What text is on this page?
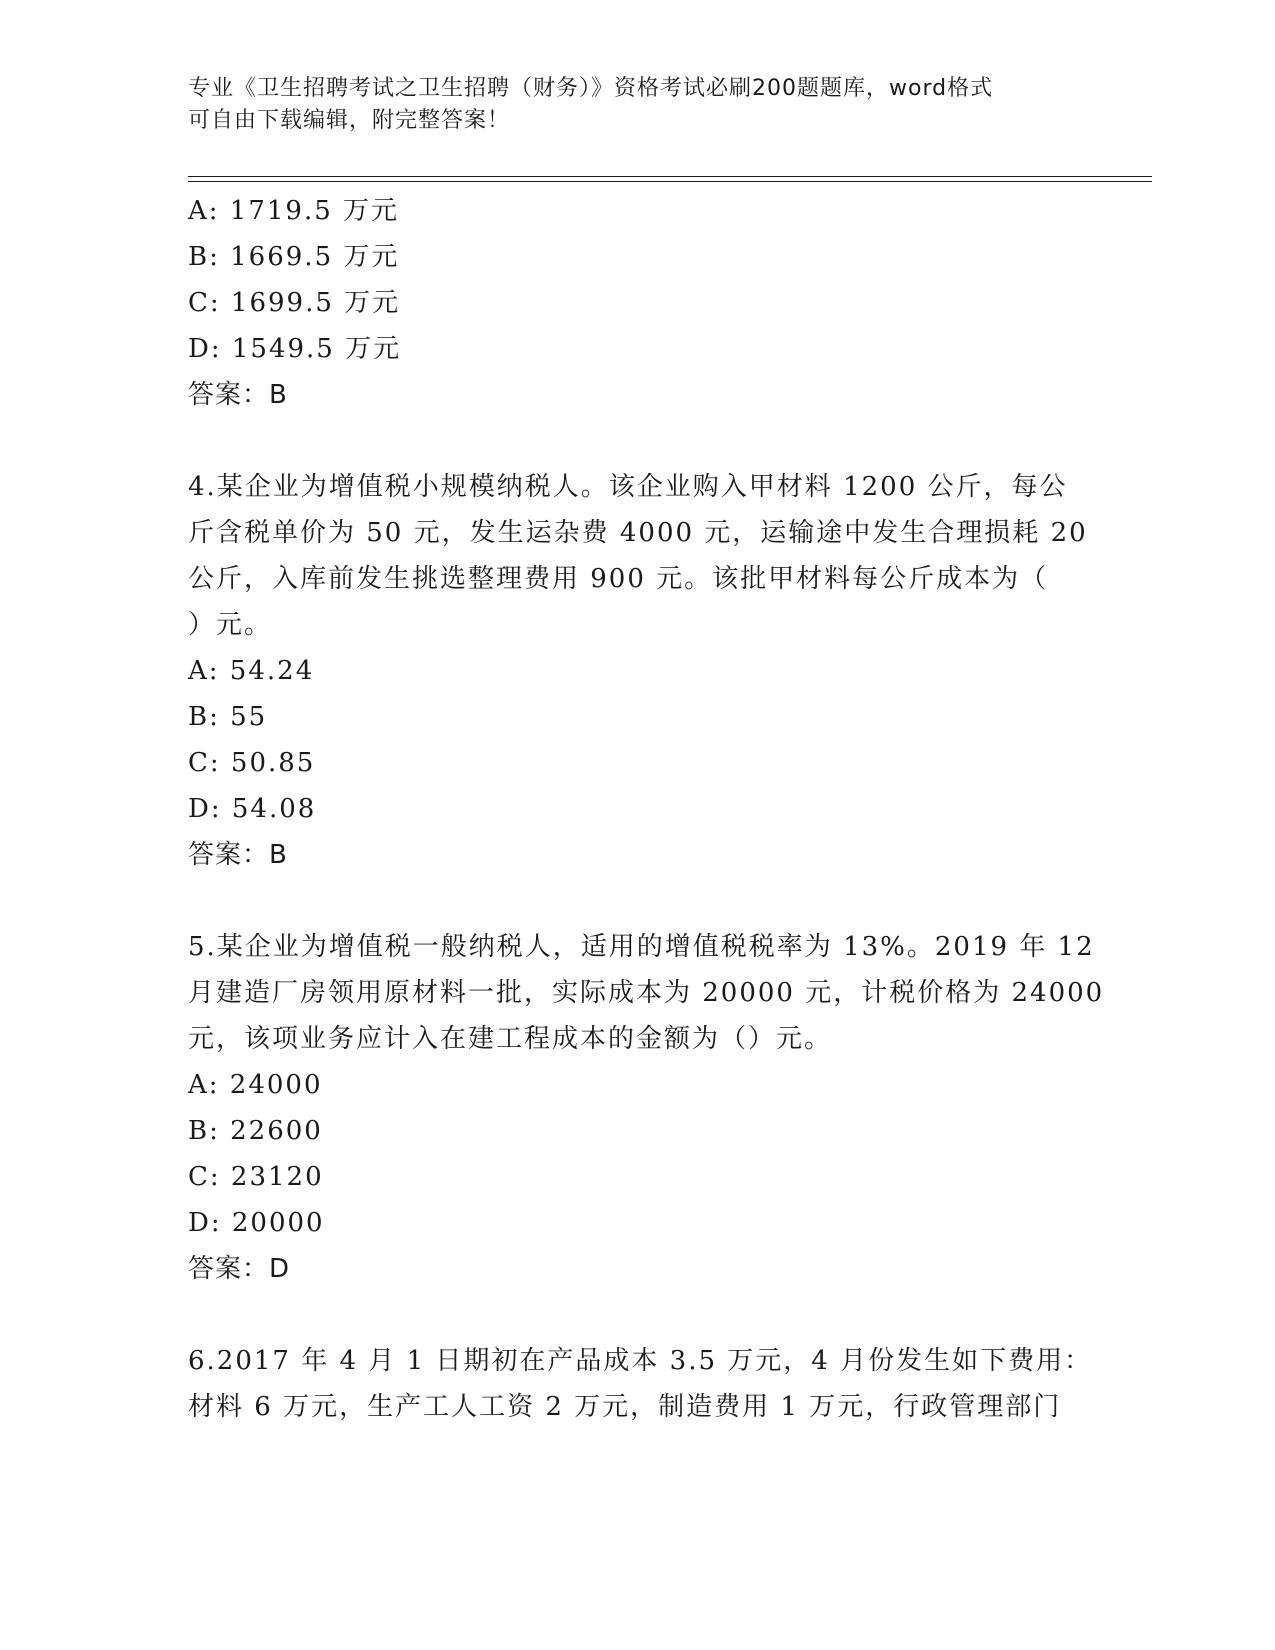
专业《卫生招聘考试之卫生招聘（财务）》资格考试必刷200题题库，word格式
可自由下载编辑，附完整答案！
A: 1719.5 万元
B: 1669.5 万元
C: 1699.5 万元
D: 1549.5 万元
答案：B
4.某企业为增值税小规模纳税人。该企业购入甲材料 1200 公斤，每公
斤含税单价为 50 元，发生运杂费 4000 元，运输途中发生合理损耗 20
公斤，入库前发生挑选整理费用 900 元。该批甲材料每公斤成本为（
）元。
A: 54.24
B: 55
C: 50.85
D: 54.08
答案：B
5.某企业为增值税一般纳税人，适用的增值税税率为 13%。2019 年 12
月建造厂房领用原材料一批，实际成本为 20000 元，计税价格为 24000
元，该项业务应计入在建工程成本的金额为（）元。
A: 24000
B: 22600
C: 23120
D: 20000
答案：D
6.2017 年 4 月 1 日期初在产品成本 3.5 万元，4 月份发生如下费用：
材料 6 万元，生产工人工资 2 万元，制造费用 1 万元，行政管理部门
